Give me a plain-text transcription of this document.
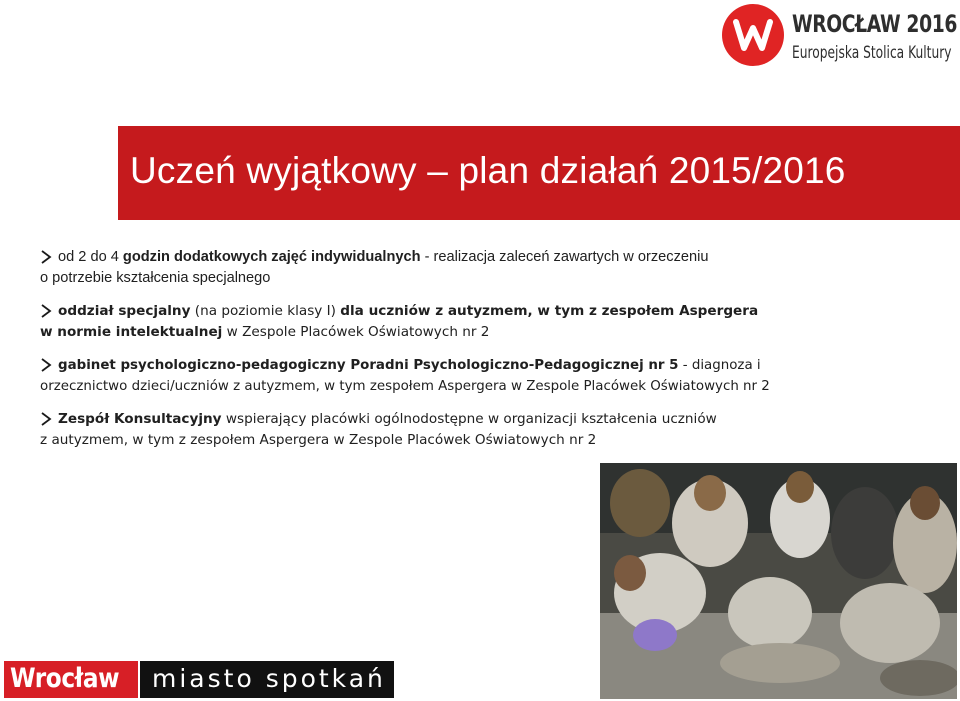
WROCŁAW 2016
Europejska Stolica Kultury
Uczeń wyjątkowy – plan działań 2015/2016
od 2 do 4 godzin dodatkowych zajęć indywidualnych - realizacja zaleceń zawartych w orzeczeniu
o potrzebie kształcenia specjalnego
oddział specjalny (na poziomie klasy I) dla uczniów z autyzmem, w tym z zespołem Aspergera
w normie intelektualnej w Zespole Placówek Oświatowych nr 2
gabinet psychologiczno-pedagogiczny Poradni Psychologiczno-Pedagogicznej nr 5 - diagnoza i
orzecznictwo dzieci/uczniów z autyzmem, w tym zespołem Aspergera w Zespole Placówek Oświatowych nr 2
Zespół Konsultacyjny wspierający placówki ogólnodostępne w organizacji kształcenia uczniów
z autyzmem, w tym z zespołem Aspergera w Zespole Placówek Oświatowych nr 2
Wrocław miasto spotkań
